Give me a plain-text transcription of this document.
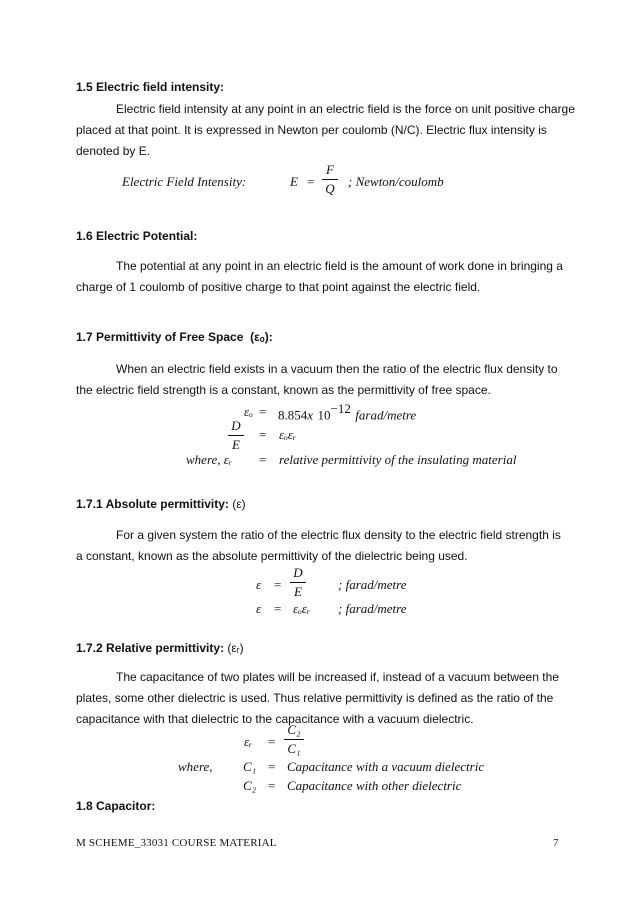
1.5 Electric field intensity:
Electric field intensity at any point in an electric field is the force on unit positive charge
placed at that point. It is expressed in Newton per coulomb (N/C). Electric flux intensity is
denoted by E.
Electric Field Intensity:	E =
F
Q ; Newton/coulomb
1.6 Electric Potential:
The potential at any point in an electric field is the amount of work done in bringing a
charge of 1 coulomb of positive charge to that point against the electric field.
1.7 Permittivity of Free Space (εₒ):
When an electric field exists in a vacuum then the ratio of the electric flux density to
the electric field strength is a constant, known as the permittivity of free space.
εₒ = 8.854x $10^{-12}$ farad/metre
D
E
= εₒεᵣ
where, εᵣ = relative permittivity of the insulating material
1.7.1 Absolute permittivity: (ε)
For a given system the ratio of the electric flux density to the electric field strength is
a constant, known as the absolute permittivity of the dielectric being used.
ε =
D
E	; farad/metre
ε = εₒεᵣ ; farad/metre
1.7.2 Relative permittivity: (εᵣ)
The capacitance of two plates will be increased if, instead of a vacuum between the
plates, some other dielectric is used. Thus relative permittivity is defined as the ratio of the
capacitance with that dielectric to the capacitance with a vacuum dielectric.
εᵣ =
C₂
C₁
where, C₁ = Capacitance with a vacuum dielectric
C₂ = Capacitance with other dielectric
1.8 Capacitor:
M SCHEME_33031 COURSE MATERIAL	7
